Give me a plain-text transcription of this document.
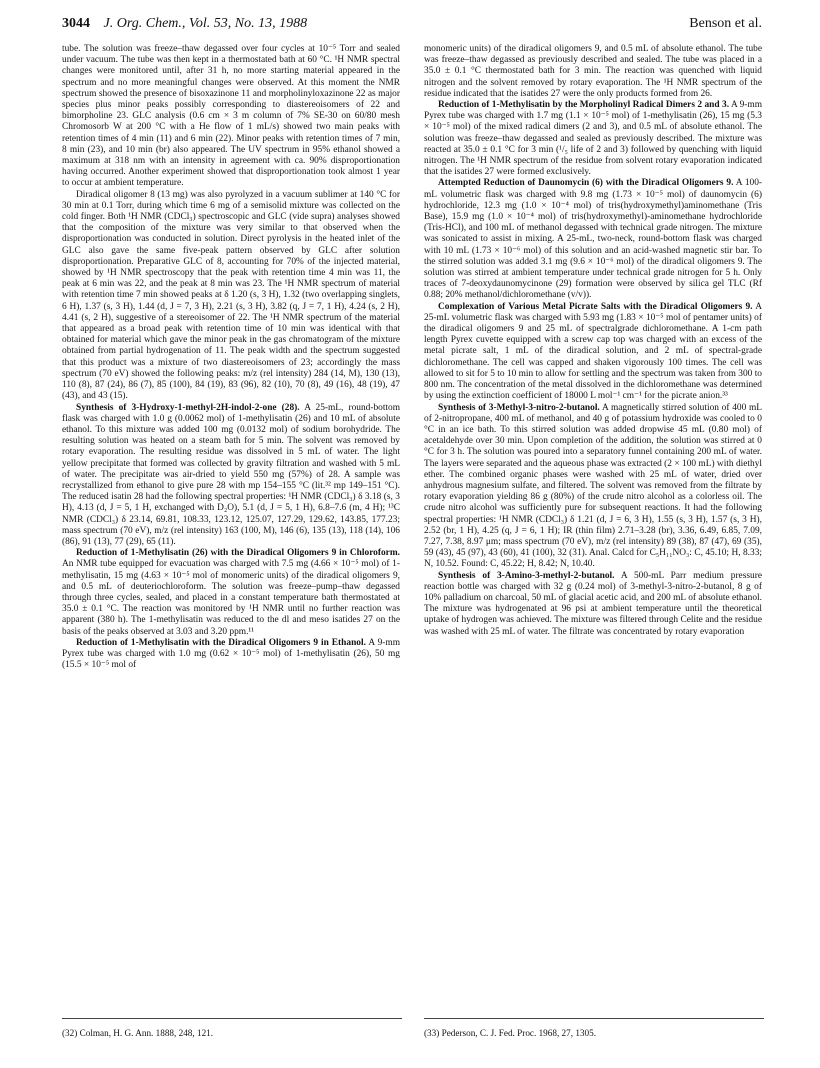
3044 J. Org. Chem., Vol. 53, No. 13, 1988	Benson et al.

tube. The solution was freeze–thaw degassed over four cycles at 10⁻⁵ Torr and sealed under vacuum. The tube was then kept in a thermostated bath at 60 °C. ¹H NMR spectral changes were monitored until, after 31 h, no more starting material appeared in the spectrum and no more meaningful changes were observed. At this moment the NMR spectrum showed the presence of bisoxazinone 11 and morpholinyloxazinone 22 as major species plus minor peaks possibly corresponding to diastereoisomers of 22 and bimorpholine 23. GLC analysis (0.6 cm × 3 m column of 7% SE-30 on 60/80 mesh Chromosorb W at 200 °C with a He flow of 1 mL/s) showed two main peaks with retention times of 4 min (11) and 6 min (22). Minor peaks with retention times of 7 min, 8 min (23), and 10 min (br) also appeared. The UV spectrum in 95% ethanol showed a maximum at 318 nm with an intensity in agreement with ca. 90% disproportionation having occurred. Another experiment showed that disproportionation took almost 1 year to occur at ambient temperature.

Diradical oligomer 8 (13 mg) was also pyrolyzed in a vacuum sublimer at 140 °C for 30 min at 0.1 Torr, during which time 6 mg of a semisolid mixture was collected on the cold finger. Both ¹H NMR (CDCl₃) spectroscopic and GLC (vide supra) analyses showed that the composition of the mixture was very similar to that observed when the disproportionation was conducted in solution. Direct pyrolysis in the heated inlet of the GLC also gave the same five-peak pattern observed by GLC after solution disproportionation. Preparative GLC of 8, accounting for 70% of the injected material, showed by ¹H NMR spectroscopy that the peak with retention time 4 min was 11, the peak at 6 min was 22, and the peak at 8 min was 23. The ¹H NMR spectrum of material with retention time 7 min showed peaks at δ 1.20 (s, 3 H), 1.32 (two overlapping singlets, 6 H), 1.37 (s, 3 H), 1.44 (d, J = 7, 3 H), 2.21 (s, 3 H), 3.82 (q, J = 7, 1 H), 4.24 (s, 2 H), 4.41 (s, 2 H), suggestive of a stereoisomer of 22. The ¹H NMR spectrum of the material that appeared as a broad peak with retention time of 10 min was identical with that obtained for material which gave the minor peak in the gas chromatogram of the mixture obtained from partial hydrogenation of 11. The peak width and the spectrum suggested that this product was a mixture of two diastereoisomers of 23; accordingly the mass spectrum (70 eV) showed the following peaks: m/z (rel intensity) 284 (14, M), 130 (13), 110 (8), 87 (24), 86 (7), 85 (100), 84 (19), 83 (96), 82 (10), 70 (8), 49 (16), 48 (19), 47 (43), and 43 (15).

Synthesis of 3-Hydroxy-1-methyl-2H-indol-2-one (28). A 25-mL, round-bottom flask was charged with 1.0 g (0.0062 mol) of 1-methylisatin (26) and 10 mL of absolute ethanol. To this mixture was added 100 mg (0.0132 mol) of sodium borohydride. The resulting solution was heated on a steam bath for 5 min. The solvent was removed by rotary evaporation. The resulting residue was dissolved in 5 mL of water. The light yellow precipitate that formed was collected by gravity filtration and washed with 5 mL of water. The precipitate was air-dried to yield 550 mg (57%) of 28. A sample was recrystallized from ethanol to give pure 28 with mp 154–155 °C (lit.³² mp 149–151 °C). The reduced isatin 28 had the following spectral properties: ¹H NMR (CDCl₃) δ 3.18 (s, 3 H), 4.13 (d, J = 5, 1 H, exchanged with D₂O), 5.1 (d, J = 5, 1 H), 6.8–7.6 (m, 4 H); ¹³C NMR (CDCl₃) δ 23.14, 69.81, 108.33, 123.12, 125.07, 127.29, 129.62, 143.85, 177.23; mass spectrum (70 eV), m/z (rel intensity) 163 (100, M), 146 (6), 135 (13), 118 (14), 106 (86), 91 (13), 77 (29), 65 (11).

Reduction of 1-Methylisatin (26) with the Diradical Oligomers 9 in Chloroform. An NMR tube equipped for evacuation was charged with 7.5 mg (4.66 × 10⁻⁵ mol) of 1-methylisatin, 15 mg (4.63 × 10⁻⁵ mol of monomeric units) of the diradical oligomers 9, and 0.5 mL of deuteriochloroform. The solution was freeze–pump–thaw degassed through three cycles, sealed, and placed in a constant temperature bath thermostated at 35.0 ± 0.1 °C. The reaction was monitored by ¹H NMR until no further reaction was apparent (380 h). The 1-methylisatin was reduced to the dl and meso isatides 27 on the basis of the peaks observed at 3.03 and 3.20 ppm.¹¹

Reduction of 1-Methylisatin with the Diradical Oligomers 9 in Ethanol. A 9-mm Pyrex tube was charged with 1.0 mg (0.62 × 10⁻⁵ mol) of 1-methylisatin (26), 50 mg (15.5 × 10⁻⁵ mol of

monomeric units) of the diradical oligomers 9, and 0.5 mL of absolute ethanol. The tube was freeze–thaw degassed as previously described and sealed. The tube was placed in a 35.0 ± 0.1 °C thermostated bath for 3 min. The reaction was quenched with liquid nitrogen and the solvent removed by rotary evaporation. The ¹H NMR spectrum of the residue indicated that the isatides 27 were the only products formed from 26.

Reduction of 1-Methylisatin by the Morpholinyl Radical Dimers 2 and 3. A 9-mm Pyrex tube was charged with 1.7 mg (1.1 × 10⁻⁵ mol) of 1-methylisatin (26), 15 mg (5.3 × 10⁻⁵ mol) of the mixed radical dimers (2 and 3), and 0.5 mL of absolute ethanol. The solution was freeze–thaw degassed and sealed as previously described. The mixture was reacted at 35.0 ± 0.1 °C for 3 min (¹/₅ life of 2 and 3) followed by quenching with liquid nitrogen. The ¹H NMR spectrum of the residue from solvent rotary evaporation indicated that the isatides 27 were formed exclusively.

Attempted Reduction of Daunomycin (6) with the Diradical Oligomers 9. A 100-mL volumetric flask was charged with 9.8 mg (1.73 × 10⁻⁵ mol) of daunomycin (6) hydrochloride, 12.3 mg (1.0 × 10⁻⁴ mol) of tris(hydroxymethyl)aminomethane (Tris Base), 15.9 mg (1.0 × 10⁻⁴ mol) of tris(hydroxymethyl)-aminomethane hydrochloride (Tris-HCl), and 100 mL of methanol degassed with technical grade nitrogen. The mixture was sonicated to assist in mixing. A 25-mL, two-neck, round-bottom flask was charged with 10 mL (1.73 × 10⁻⁶ mol) of this solution and an acid-washed magnetic stir bar. To the stirred solution was added 3.1 mg (9.6 × 10⁻⁶ mol) of the diradical oligomers 9. The solution was stirred at ambient temperature under technical grade nitrogen for 5 h. Only traces of 7-deoxydaunomycinone (29) formation were observed by silica gel TLC (Rf 0.88; 20% methanol/dichloromethane (v/v)).

Complexation of Various Metal Picrate Salts with the Diradical Oligomers 9. A 25-mL volumetric flask was charged with 5.93 mg (1.83 × 10⁻⁵ mol of pentamer units) of the diradical oligomers 9 and 25 mL of spectralgrade dichloromethane. A 1-cm path length Pyrex cuvette equipped with a screw cap top was charged with an excess of the metal picrate salt, 1 mL of the diradical solution, and 2 mL of spectral-grade dichloromethane. The cell was capped and shaken vigorously 100 times. The cell was allowed to sit for 5 to 10 min to allow for settling and the spectrum was taken from 300 to 800 nm. The concentration of the metal dissolved in the dichloromethane was determined by using the extinction coefficient of 18000 L mol⁻¹ cm⁻¹ for the picrate anion.³³

Synthesis of 3-Methyl-3-nitro-2-butanol. A magnetically stirred solution of 400 mL of 2-nitropropane, 400 mL of methanol, and 40 g of potassium hydroxide was cooled to 0 °C in an ice bath. To this stirred solution was added dropwise 45 mL (0.80 mol) of acetaldehyde over 30 min. Upon completion of the addition, the solution was stirred at 0 °C for 3 h. The solution was poured into a separatory funnel containing 200 mL of water. The layers were separated and the aqueous phase was extracted (2 × 100 mL) with diethyl ether. The combined organic phases were washed with 25 mL of water, dried over anhydrous magnesium sulfate, and filtered. The solvent was removed from the filtrate by rotary evaporation yielding 86 g (80%) of the crude nitro alcohol as a colorless oil. The crude nitro alcohol was sufficiently pure for subsequent reactions. It had the following spectral properties: ¹H NMR (CDCl₃) δ 1.21 (d, J = 6, 3 H), 1.55 (s, 3 H), 1.57 (s, 3 H), 2.52 (br, 1 H), 4.25 (q, J = 6, 1 H); IR (thin film) 2.71–3.28 (br), 3.36, 6.49, 6.85, 7.09, 7.27, 7.38, 8.97 μm; mass spectrum (70 eV), m/z (rel intensity) 89 (38), 87 (47), 69 (35), 59 (43), 45 (97), 43 (60), 41 (100), 32 (31). Anal. Calcd for C₅H₁₁NO₃: C, 45.10; H, 8.33; N, 10.52. Found: C, 45.22; H, 8.42; N, 10.40.

Synthesis of 3-Amino-3-methyl-2-butanol. A 500-mL Parr medium pressure reaction bottle was charged with 32 g (0.24 mol) of 3-methyl-3-nitro-2-butanol, 8 g of 10% palladium on charcoal, 50 mL of glacial acetic acid, and 200 mL of absolute ethanol. The mixture was hydrogenated at 96 psi at ambient temperature until the theoretical uptake of hydrogen was achieved. The mixture was filtered through Celite and the residue was washed with 25 mL of water. The filtrate was concentrated by rotary evaporation

(32) Colman, H. G. Ann. 1888, 248, 121.	(33) Pederson, C. J. Fed. Proc. 1968, 27, 1305.
